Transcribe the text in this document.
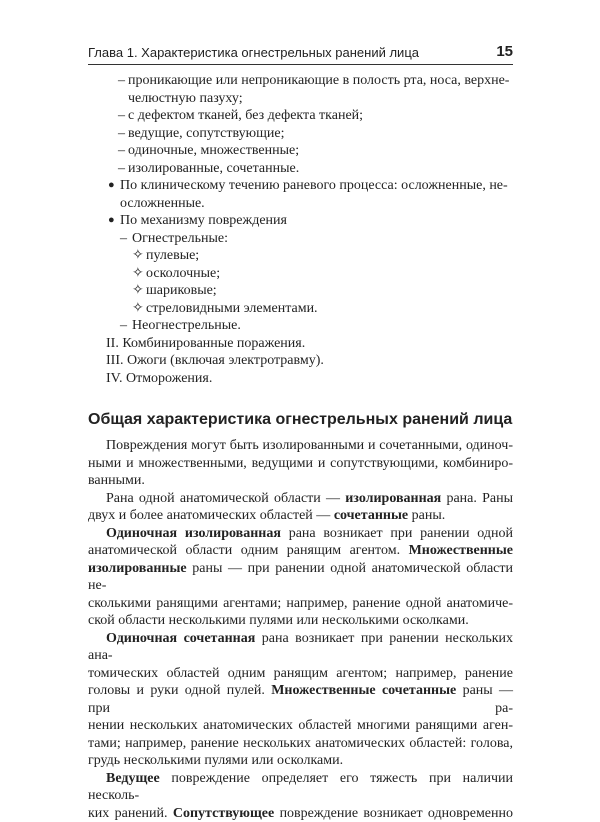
Глава 1. Характеристика огнестрельных ранений лица	15
– проникающие или непроникающие в полость рта, носа, верхне-
челюстную пазуху;
– с дефектом тканей, без дефекта тканей;
– ведущие, сопутствующие;
– одиночные, множественные;
– изолированные, сочетанные.
● По клиническому течению раневого процесса: осложненные, не-
осложненные.
● По механизму повреждения
– Огнестрельные:
✧ пулевые;
✧ осколочные;
✧ шариковые;
✧ стреловидными элементами.
– Неогнестрельные.
II. Комбинированные поражения.
III. Ожоги (включая электротравму).
IV. Отморожения.
Общая характеристика огнестрельных ранений лица
Повреждения могут быть изолированными и сочетанными, одиноч-
ными и множественными, ведущими и сопутствующими, комбиниро-
ванными.
Рана одной анатомической области — изолированная рана. Раны
двух и более анатомических областей — сочетанные раны.
Одиночная изолированная рана возникает при ранении одной
анатомической области одним ранящим агентом. Множественные
изолированные раны — при ранении одной анатомической области не-
сколькими ранящими агентами; например, ранение одной анатомиче-
ской области несколькими пулями или несколькими осколками.
Одиночная сочетанная рана возникает при ранении нескольких ана-
томических областей одним ранящим агентом; например, ранение
головы и руки одной пулей. Множественные сочетанные раны — при ра-
нении нескольких анатомических областей многими ранящими аген-
тами; например, ранение нескольких анатомических областей: голова,
грудь несколькими пулями или осколками.
Ведущее повреждение определяет его тяжесть при наличии несколь-
ких ранений. Сопутствующее повреждение возникает одновременно
